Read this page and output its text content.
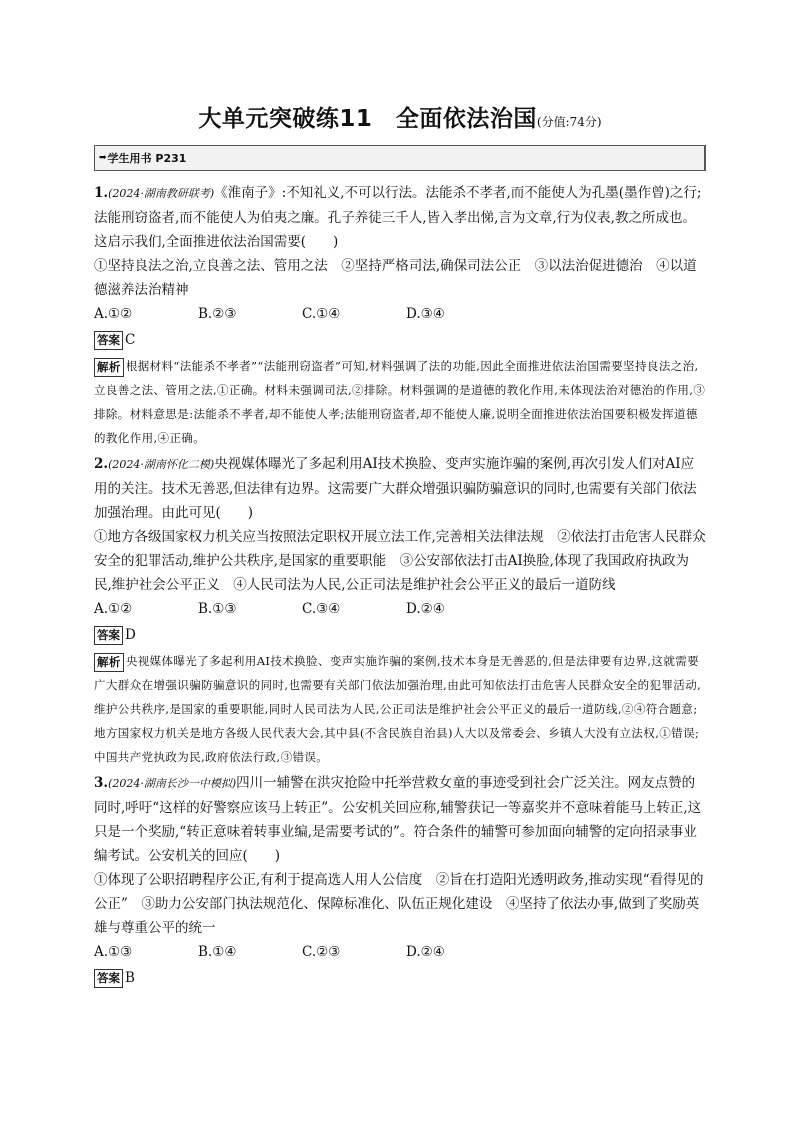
大单元突破练11　全面依法治国(分值:74分)
➡ 学生用书 P231

1.(2024·湖南教研联考)《淮南子》:不知礼义,不可以行法。法能杀不孝者,而不能使人为孔墨(墨作曾)之行;法能刑窃盗者,而不能使人为伯夷之廉。孔子养徒三千人,皆入孝出悌,言为文章,行为仪表,教之所成也。这启示我们,全面推进依法治国需要(　　)

①坚持良法之治,立良善之法、管用之法　②坚持严格司法,确保司法公正　③以法治促进德治　④以道德滋养法治精神

A.①②	B.②③	C.①④	D.③④

答案 C

解析 根据材料“法能杀不孝者”“法能刑窃盗者”可知,材料强调了法的功能,因此全面推进依法治国需要坚持良法之治,立良善之法、管用之法,①正确。材料未强调司法,②排除。材料强调的是道德的教化作用,未体现法治对德治的作用,③排除。材料意思是:法能杀不孝者,却不能使人孝;法能刑窃盗者,却不能使人廉,说明全面推进依法治国要积极发挥道德的教化作用,④正确。

2.(2024·湖南怀化二模)央视媒体曝光了多起利用AI技术换脸、变声实施诈骗的案例,再次引发人们对AI应用的关注。技术无善恶,但法律有边界。这需要广大群众增强识骗防骗意识的同时,也需要有关部门依法加强治理。由此可见(　　)

①地方各级国家权力机关应当按照法定职权开展立法工作,完善相关法律法规　②依法打击危害人民群众安全的犯罪活动,维护公共秩序,是国家的重要职能　③公安部依法打击AI换脸,体现了我国政府执政为民,维护社会公平正义　④人民司法为人民,公正司法是维护社会公平正义的最后一道防线

A.①②	B.①③	C.③④	D.②④

答案 D

解析 央视媒体曝光了多起利用AI技术换脸、变声实施诈骗的案例,技术本身是无善恶的,但是法律要有边界,这就需要广大群众在增强识骗防骗意识的同时,也需要有关部门依法加强治理,由此可知依法打击危害人民群众安全的犯罪活动,维护公共秩序,是国家的重要职能,同时人民司法为人民,公正司法是维护社会公平正义的最后一道防线,②④符合题意;地方国家权力机关是地方各级人民代表大会,其中县(不含民族自治县)人大以及常委会、乡镇人大没有立法权,①错误;中国共产党执政为民,政府依法行政,③错误。

3.(2024·湖南长沙一中模拟)四川一辅警在洪灾抢险中托举营救女童的事迹受到社会广泛关注。网友点赞的同时,呼吁“这样的好警察应该马上转正”。公安机关回应称,辅警获记一等嘉奖并不意味着能马上转正,这只是一个奖励,“转正意味着转事业编,是需要考试的”。符合条件的辅警可参加面向辅警的定向招录事业编考试。公安机关的回应(　　)

①体现了公职招聘程序公正,有利于提高选人用人公信度　②旨在打造阳光透明政务,推动实现“看得见的公正”　③助力公安部门执法规范化、保障标准化、队伍正规化建设　④坚持了依法办事,做到了奖励英雄与尊重公平的统一

A.①③	B.①④	C.②③	D.②④

答案 B
